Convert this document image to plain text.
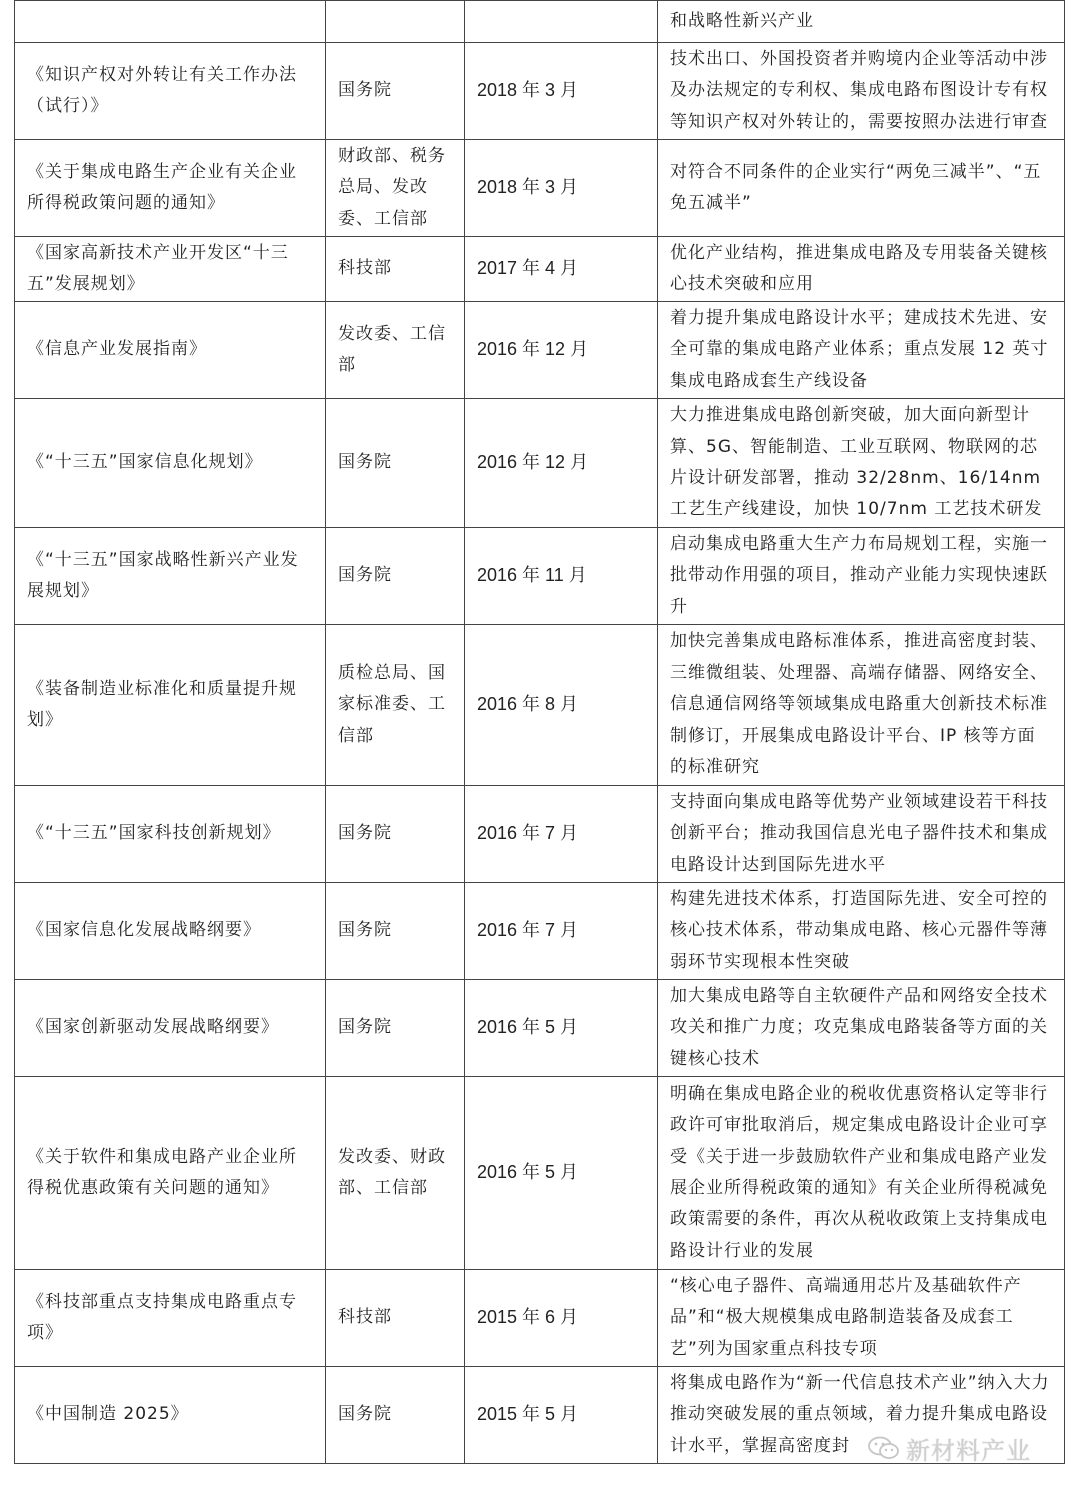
			和战略性新兴产业
《知识产权对外转让有关工作办法（试行）》	国务院	2018 年 3 月	技术出口、外国投资者并购境内企业等活动中涉及办法规定的专利权、集成电路布图设计专有权等知识产权对外转让的，需要按照办法进行审查
《关于集成电路生产企业有关企业所得税政策问题的通知》	财政部、税务总局、发改委、工信部	2018 年 3 月	对符合不同条件的企业实行“两免三减半”、“五免五减半”
《国家高新技术产业开发区“十三五”发展规划》	科技部	2017 年 4 月	优化产业结构，推进集成电路及专用装备关键核心技术突破和应用
《信息产业发展指南》	发改委、工信部	2016 年 12 月	着力提升集成电路设计水平；建成技术先进、安全可靠的集成电路产业体系；重点发展 12 英寸集成电路成套生产线设备
《“十三五”国家信息化规划》	国务院	2016 年 12 月	大力推进集成电路创新突破，加大面向新型计算、5G、智能制造、工业互联网、物联网的芯片设计研发部署，推动 32/28nm、16/14nm 工艺生产线建设，加快 10/7nm 工艺技术研发
《“十三五”国家战略性新兴产业发展规划》	国务院	2016 年 11 月	启动集成电路重大生产力布局规划工程，实施一批带动作用强的项目，推动产业能力实现快速跃升
《装备制造业标准化和质量提升规划》	质检总局、国家标准委、工信部	2016 年 8 月	加快完善集成电路标准体系，推进高密度封装、三维微组装、处理器、高端存储器、网络安全、信息通信网络等领域集成电路重大创新技术标准制修订，开展集成电路设计平台、IP 核等方面的标准研究
《“十三五”国家科技创新规划》	国务院	2016 年 7 月	支持面向集成电路等优势产业领域建设若干科技创新平台；推动我国信息光电子器件技术和集成电路设计达到国际先进水平
《国家信息化发展战略纲要》	国务院	2016 年 7 月	构建先进技术体系，打造国际先进、安全可控的核心技术体系，带动集成电路、核心元器件等薄弱环节实现根本性突破
《国家创新驱动发展战略纲要》	国务院	2016 年 5 月	加大集成电路等自主软硬件产品和网络安全技术攻关和推广力度；攻克集成电路装备等方面的关键核心技术
《关于软件和集成电路产业企业所得税优惠政策有关问题的通知》	发改委、财政部、工信部	2016 年 5 月	明确在集成电路企业的税收优惠资格认定等非行政许可审批取消后，规定集成电路设计企业可享受《关于进一步鼓励软件产业和集成电路产业发展企业所得税政策的通知》有关企业所得税减免政策需要的条件，再次从税收政策上支持集成电路设计行业的发展
《科技部重点支持集成电路重点专项》	科技部	2015 年 6 月	“核心电子器件、高端通用芯片及基础软件产品”和“极大规模集成电路制造装备及成套工艺”列为国家重点科技专项
《中国制造 2025》	国务院	2015 年 5 月	将集成电路作为“新一代信息技术产业”纳入大力推动突破发展的重点领域，着力提升集成电路设计水平，掌握高密度封 新材料产业
